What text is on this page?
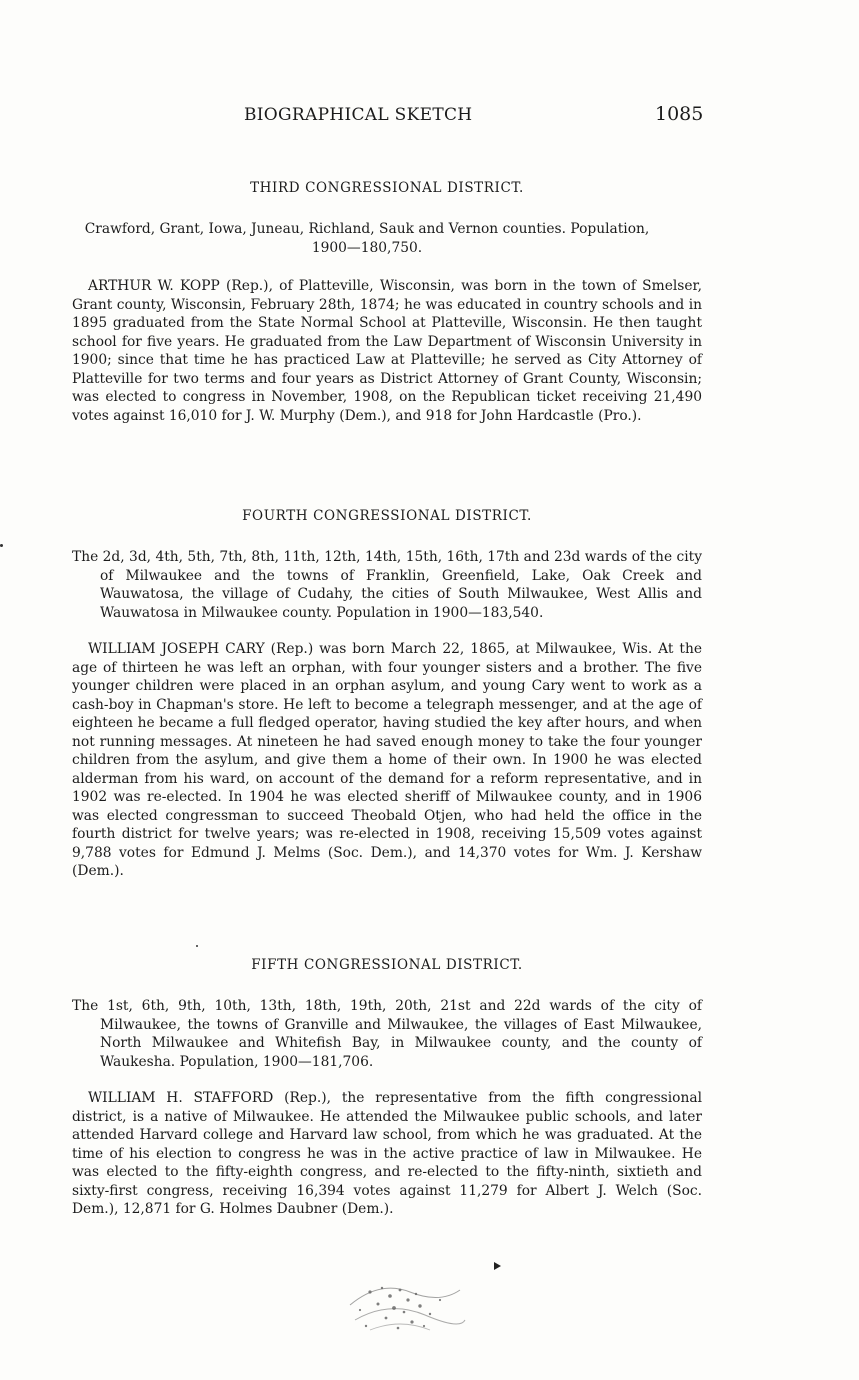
BIOGRAPHICAL SKETCH	1085
THIRD CONGRESSIONAL DISTRICT.

Crawford, Grant, Iowa, Juneau, Richland, Sauk and Vernon counties. Population, 1900—180,750.

ARTHUR W. KOPP (Rep.), of Platteville, Wisconsin, was born in the town of Smelser, Grant county, Wisconsin, February 28th, 1874; he was educated in country schools and in 1895 graduated from the State Normal School at Platteville, Wisconsin. He then taught school for five years. He graduated from the Law Department of Wisconsin University in 1900; since that time he has practiced Law at Platteville; he served as City Attorney of Platteville for two terms and four years as District Attorney of Grant County, Wisconsin; was elected to congress in November, 1908, on the Republican ticket receiving 21,490 votes against 16,010 for J. W. Murphy (Dem.), and 918 for John Hardcastle (Pro.).

FOURTH CONGRESSIONAL DISTRICT.

The 2d, 3d, 4th, 5th, 7th, 8th, 11th, 12th, 14th, 15th, 16th, 17th and 23d wards of the city of Milwaukee and the towns of Franklin, Greenfield, Lake, Oak Creek and Wauwatosa, the village of Cudahy, the cities of South Milwaukee, West Allis and Wauwatosa in Milwaukee county. Population in 1900—183,540.

WILLIAM JOSEPH CARY (Rep.) was born March 22, 1865, at Milwaukee, Wis. At the age of thirteen he was left an orphan, with four younger sisters and a brother. The five younger children were placed in an orphan asylum, and young Cary went to work as a cash-boy in Chapman's store. He left to become a telegraph messenger, and at the age of eighteen he became a full fledged operator, having studied the key after hours, and when not running messages. At nineteen he had saved enough money to take the four younger children from the asylum, and give them a home of their own. In 1900 he was elected alderman from his ward, on account of the demand for a reform representative, and in 1902 was re-elected. In 1904 he was elected sheriff of Milwaukee county, and in 1906 was elected congressman to succeed Theobald Otjen, who had held the office in the fourth district for twelve years; was re-elected in 1908, receiving 15,509 votes against 9,788 votes for Edmund J. Melms (Soc. Dem.), and 14,370 votes for Wm. J. Kershaw (Dem.).

FIFTH CONGRESSIONAL DISTRICT.

The 1st, 6th, 9th, 10th, 13th, 18th, 19th, 20th, 21st and 22d wards of the city of Milwaukee, the towns of Granville and Milwaukee, the villages of East Milwaukee, North Milwaukee and Whitefish Bay, in Milwaukee county, and the county of Waukesha. Population, 1900—181,706.

WILLIAM H. STAFFORD (Rep.), the representative from the fifth congressional district, is a native of Milwaukee. He attended the Milwaukee public schools, and later attended Harvard college and Harvard law school, from which he was graduated. At the time of his election to congress he was in the active practice of law in Milwaukee. He was elected to the fifty-eighth congress, and re-elected to the fifty-ninth, sixtieth and sixty-first congress, receiving 16,394 votes against 11,279 for Albert J. Welch (Soc. Dem.), 12,871 for G. Holmes Daubner (Dem.).
